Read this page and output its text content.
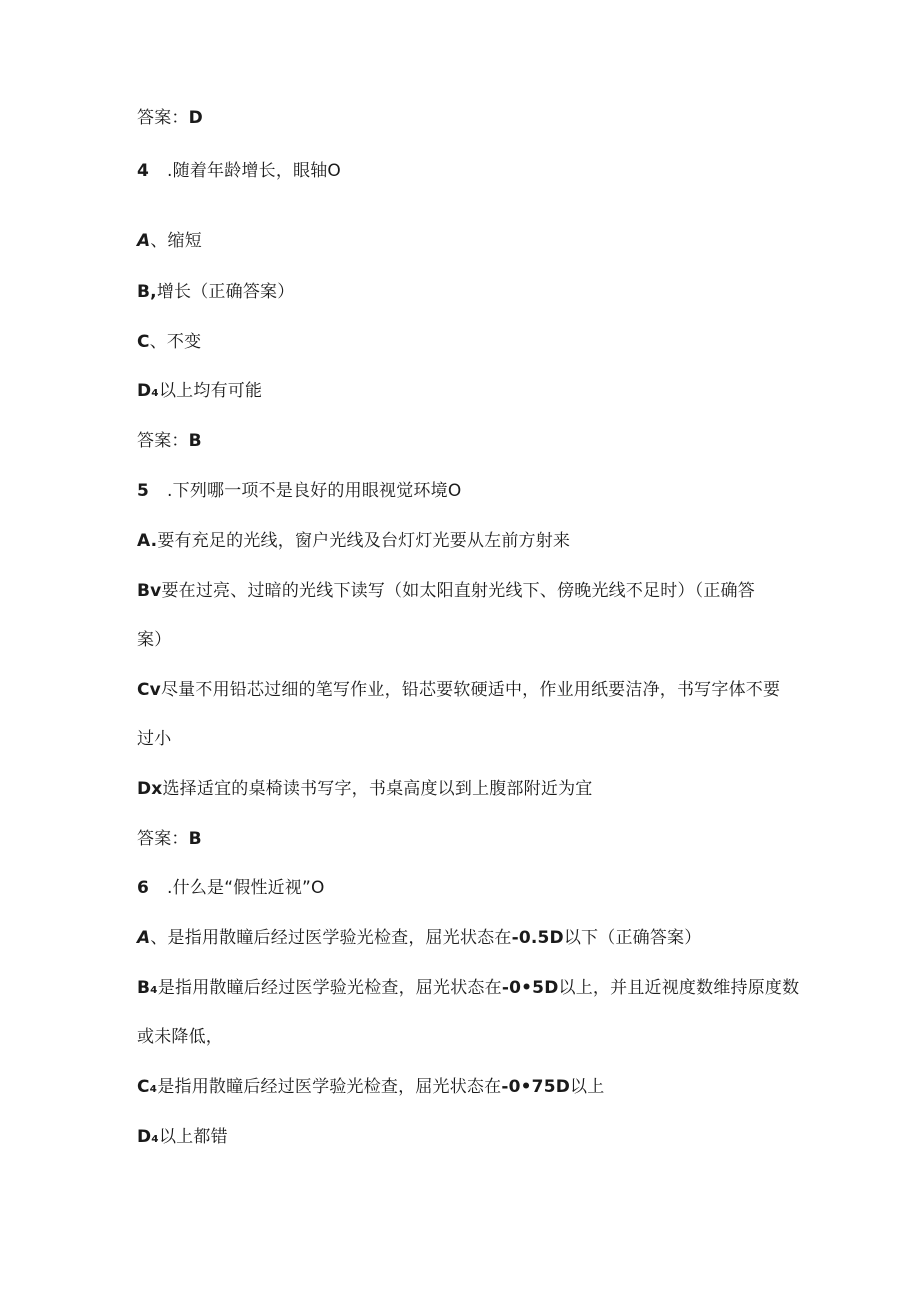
答案：D
4 .随着年龄增长，眼轴O
A、缩短
B,增长（正确答案）
C、不变
D₄以上均有可能
答案：B
5 .下列哪一项不是良好的用眼视觉环境O
A.要有充足的光线，窗户光线及台灯灯光要从左前方射来
Bv要在过亮、过暗的光线下读写（如太阳直射光线下、傍晚光线不足时）（正确答
案）
Cv尽量不用铅芯过细的笔写作业，铅芯要软硬适中，作业用纸要洁净，书写字体不要
过小
Dx选择适宜的桌椅读书写字，书桌高度以到上腹部附近为宜
答案：B
6 .什么是“假性近视”O
A、是指用散瞳后经过医学验光检查，屈光状态在-0.5D以下（正确答案）
B₄是指用散瞳后经过医学验光检查，屈光状态在-0•5D以上，并且近视度数维持原度数
或未降低，
C₄是指用散瞳后经过医学验光检查，屈光状态在-0•75D以上
D₄以上都错
